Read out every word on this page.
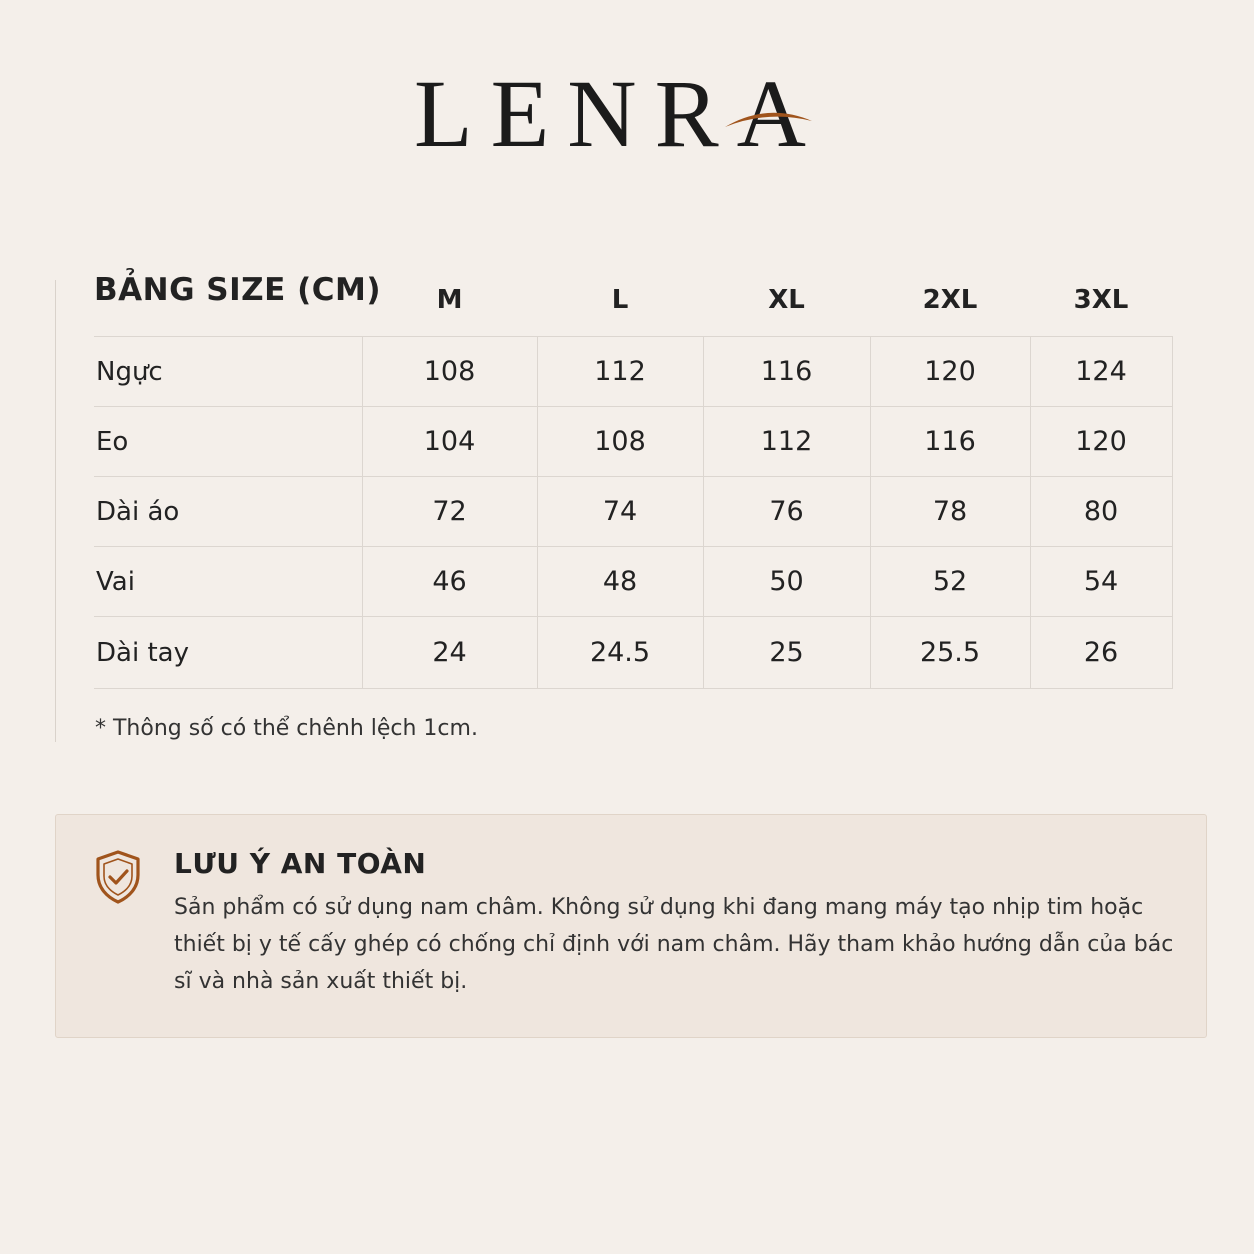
LENRA
BẢNG SIZE (CM)	M	L	XL	2XL	3XL
Ngực	108	112	116	120	124
Eo	104	108	112	116	120
Dài áo	72	74	76	78	80
Vai	46	48	50	52	54
Dài tay	24	24.5	25	25.5	26
* Thông số có thể chênh lệch 1cm.
LƯU Ý AN TOÀN
Sản phẩm có sử dụng nam châm. Không sử dụng khi đang mang máy tạo nhịp tim hoặc thiết bị y tế cấy ghép có chống chỉ định với nam châm. Hãy tham khảo hướng dẫn của bác sĩ và nhà sản xuất thiết bị.
